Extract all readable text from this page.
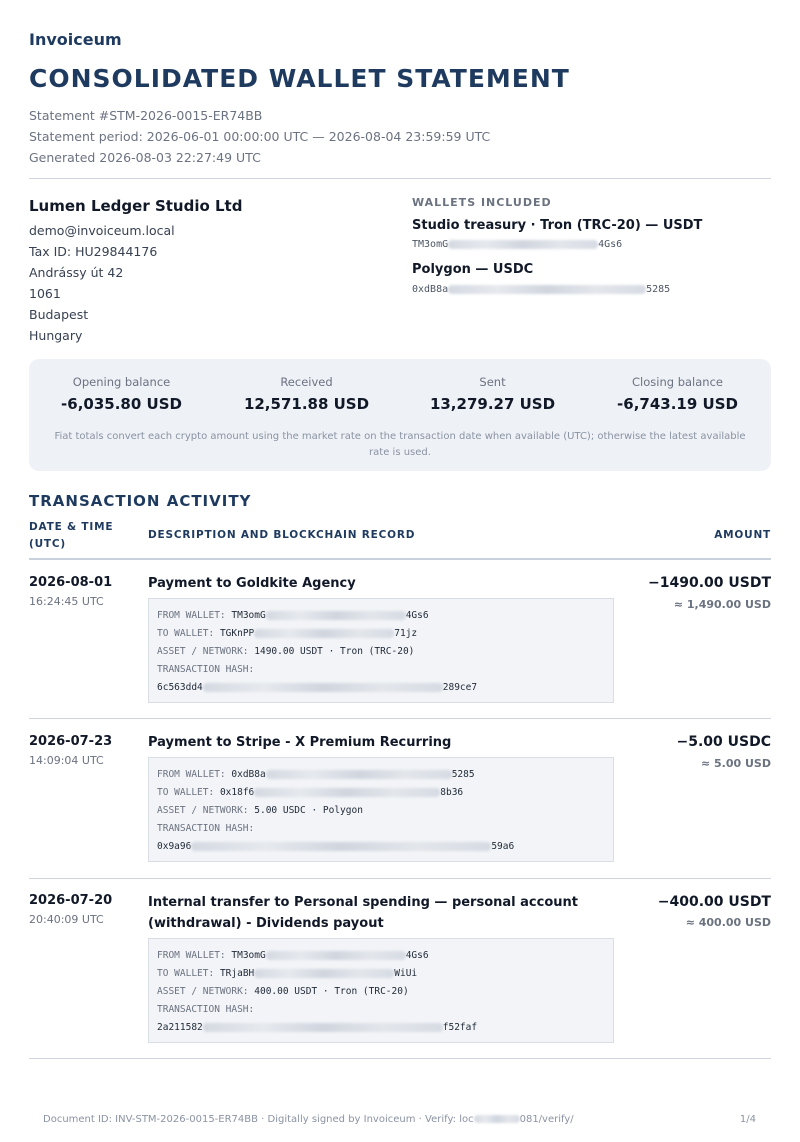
Invoiceum
CONSOLIDATED WALLET STATEMENT
Statement #STM-2026-0015-ER74BB
Statement period: 2026-06-01 00:00:00 UTC — 2026-08-04 23:59:59 UTC
Generated 2026-08-03 22:27:49 UTC
Lumen Ledger Studio Ltd
demo@invoiceum.local
Tax ID: HU29844176
Andrássy út 42
1061
Budapest
Hungary
WALLETS INCLUDED
Studio treasury · Tron (TRC-20) — USDT
TM3omG	4Gs6
Polygon — USDC
0xdB8a	5285
Opening balance
-6,035.80 USD
Received
12,571.88 USD
Sent
13,279.27 USD
Closing balance
-6,743.19 USD
Fiat totals convert each crypto amount using the market rate on the transaction date when available (UTC); otherwise the latest available rate is used.
TRANSACTION ACTIVITY
DATE & TIME (UTC)
DESCRIPTION AND BLOCKCHAIN RECORD	AMOUNT
2026-08-01
16:24:45 UTC
Payment to Goldkite Agency	−1490.00 USDT
≈ 1,490.00 USD
FROM WALLET: TM3omG	4Gs6
TO WALLET: TGKnPP	71jz
ASSET / NETWORK: 1490.00 USDT · Tron (TRC-20)
TRANSACTION HASH:
6c563dd4	289ce7
2026-07-23
14:09:04 UTC
Payment to Stripe - X Premium Recurring	−5.00 USDC
≈ 5.00 USD
FROM WALLET: 0xdB8a	5285
TO WALLET: 0x18f6	8b36
ASSET / NETWORK: 5.00 USDC · Polygon
TRANSACTION HASH:
0x9a96	59a6
2026-07-20
20:40:09 UTC
Internal transfer to Personal spending — personal account (withdrawal) - Dividends payout
−400.00 USDT
≈ 400.00 USD
FROM WALLET: TM3omG	4Gs6
TO WALLET: TRjaBH	WiUi
ASSET / NETWORK: 400.00 USDT · Tron (TRC-20)
TRANSACTION HASH:
2a211582	f52faf
Document ID: INV-STM-2026-0015-ER74BB · Digitally signed by Invoiceum · Verify: loc	081/verify/	1/4
